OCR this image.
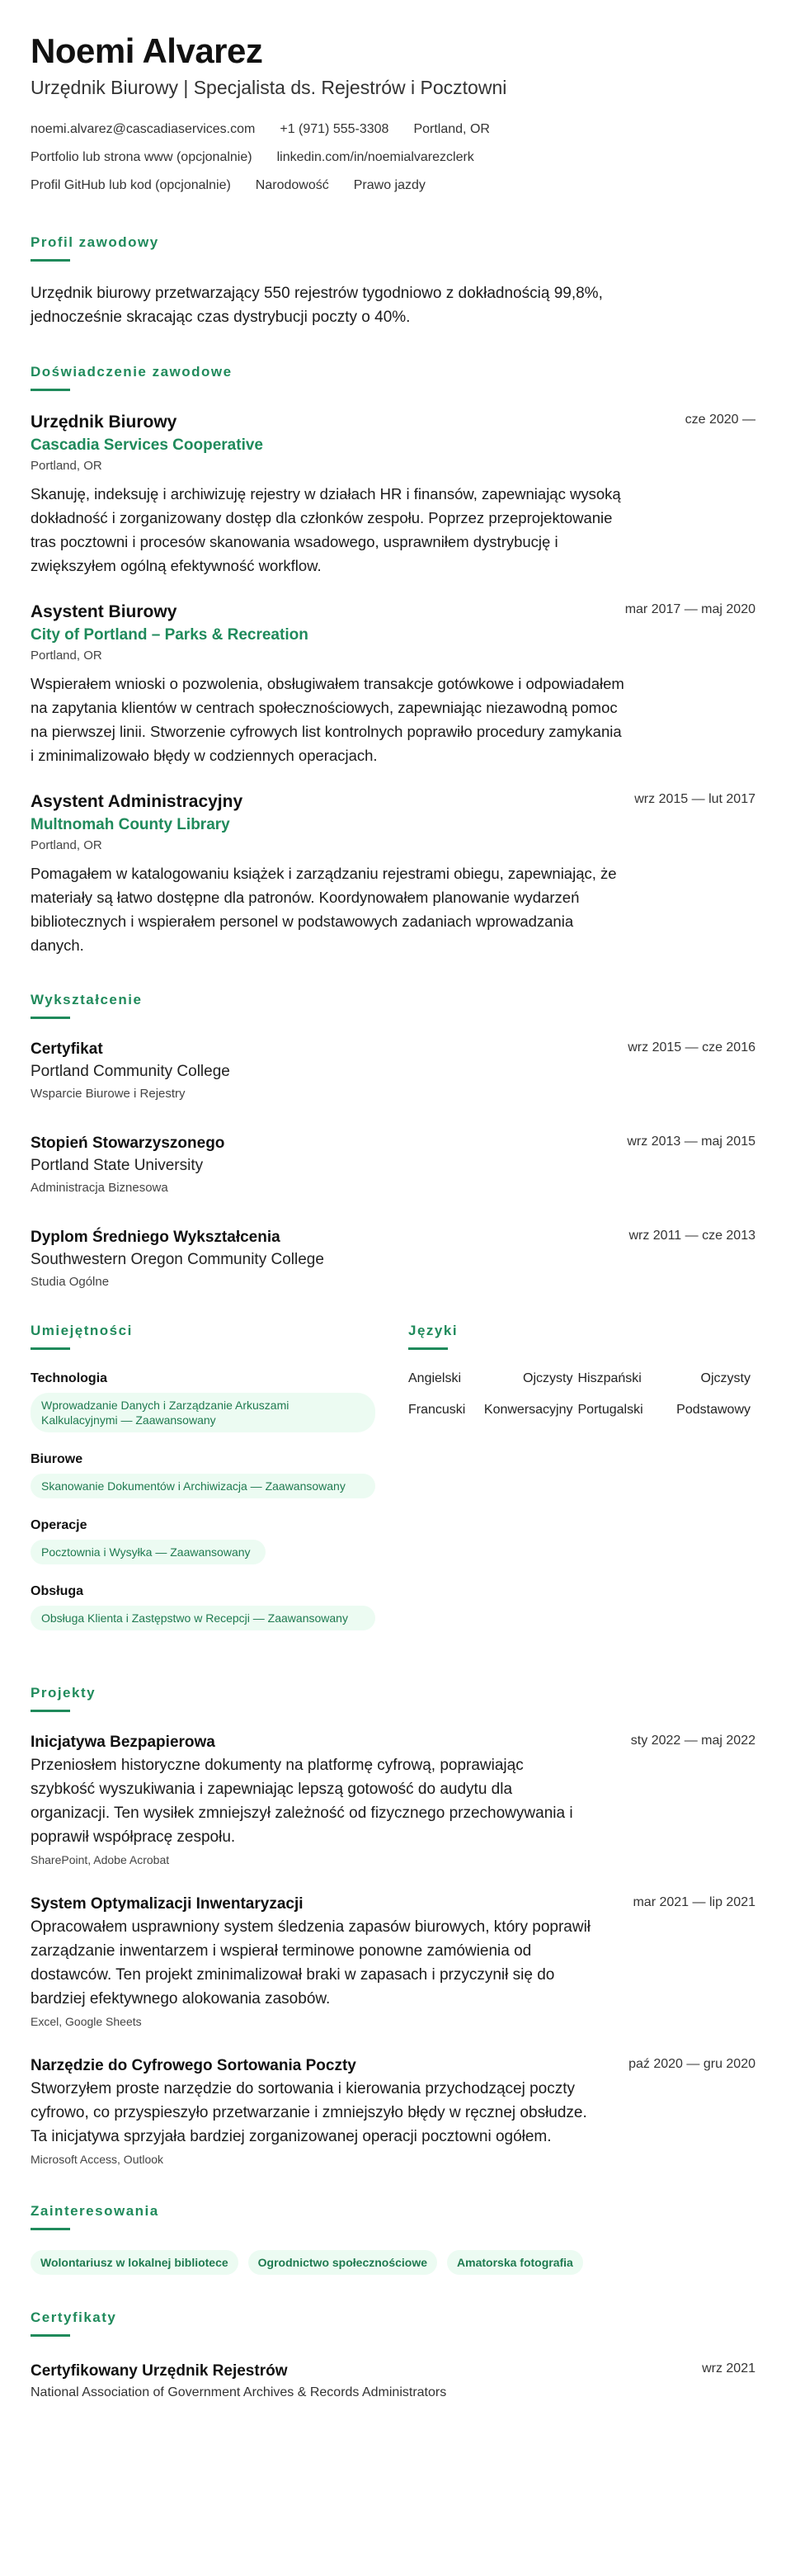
Noemi Alvarez
Urzędnik Biurowy | Specjalista ds. Rejestrów i Pocztowni
noemi.alvarez@cascadiaservices.com +1 (971) 555-3308 Portland, OR
Portfolio lub strona www (opcjonalnie) linkedin.com/in/noemialvarezclerk
Profil GitHub lub kod (opcjonalnie) Narodowość Prawo jazdy
Profil zawodowy
Urzędnik biurowy przetwarzający 550 rejestrów tygodniowo z dokładnością 99,8%, jednocześnie skracając czas dystrybucji poczty o 40%.
Doświadczenie zawodowe
Urzędnik Biurowy	cze 2020 —
Cascadia Services Cooperative
Portland, OR
Skanuję, indeksuję i archiwizuję rejestry w działach HR i finansów, zapewniając wysoką dokładność i zorganizowany dostęp dla członków zespołu. Poprzez przeprojektowanie tras pocztowni i procesów skanowania wsadowego, usprawniłem dystrybucję i zwiększyłem ogólną efektywność workflow.
Asystent Biurowy	mar 2017 — maj 2020
City of Portland – Parks & Recreation
Portland, OR
Wspierałem wnioski o pozwolenia, obsługiwałem transakcje gotówkowe i odpowiadałem na zapytania klientów w centrach społecznościowych, zapewniając niezawodną pomoc na pierwszej linii. Stworzenie cyfrowych list kontrolnych poprawiło procedury zamykania i zminimalizowało błędy w codziennych operacjach.
Asystent Administracyjny	wrz 2015 — lut 2017
Multnomah County Library
Portland, OR
Pomagałem w katalogowaniu książek i zarządzaniu rejestrami obiegu, zapewniając, że materiały są łatwo dostępne dla patronów. Koordynowałem planowanie wydarzeń bibliotecznych i wspierałem personel w podstawowych zadaniach wprowadzania danych.
Wykształcenie
Certyfikat	wrz 2015 — cze 2016
Portland Community College
Wsparcie Biurowe i Rejestry
Stopień Stowarzyszonego	wrz 2013 — maj 2015
Portland State University
Administracja Biznesowa
Dyplom Średniego Wykształcenia	wrz 2011 — cze 2013
Southwestern Oregon Community College
Studia Ogólne
Umiejętności
Technologia
Wprowadzanie Danych i Zarządzanie Arkuszami Kalkulacyjnymi — Zaawansowany
Biurowe
Skanowanie Dokumentów i Archiwizacja — Zaawansowany
Operacje
Pocztownia i Wysyłka — Zaawansowany
Obsługa
Obsługa Klienta i Zastępstwo w Recepcji — Zaawansowany
Języki
Angielski	Ojczysty Hiszpański	Ojczysty
Francuski	Konwersacyjny Portugalski	Podstawowy
Projekty
Inicjatywa Bezpapierowa	sty 2022 — maj 2022
Przeniosłem historyczne dokumenty na platformę cyfrową, poprawiając szybkość wyszukiwania i zapewniając lepszą gotowość do audytu dla organizacji. Ten wysiłek zmniejszył zależność od fizycznego przechowywania i poprawił współpracę zespołu.
SharePoint, Adobe Acrobat
System Optymalizacji Inwentaryzacji	mar 2021 — lip 2021
Opracowałem usprawniony system śledzenia zapasów biurowych, który poprawił zarządzanie inwentarzem i wspierał terminowe ponowne zamówienia od dostawców. Ten projekt zminimalizował braki w zapasach i przyczynił się do bardziej efektywnego alokowania zasobów.
Excel, Google Sheets
Narzędzie do Cyfrowego Sortowania Poczty	paź 2020 — gru 2020
Stworzyłem proste narzędzie do sortowania i kierowania przychodzącej poczty cyfrowo, co przyspieszyło przetwarzanie i zmniejszyło błędy w ręcznej obsłudze. Ta inicjatywa sprzyjała bardziej zorganizowanej operacji pocztowni ogółem.
Microsoft Access, Outlook
Zainteresowania
Wolontariusz w lokalnej bibliotece	Ogrodnictwo społecznościowe	Amatorska fotografia
Certyfikaty
Certyfikowany Urzędnik Rejestrów	wrz 2021
National Association of Government Archives & Records Administrators
